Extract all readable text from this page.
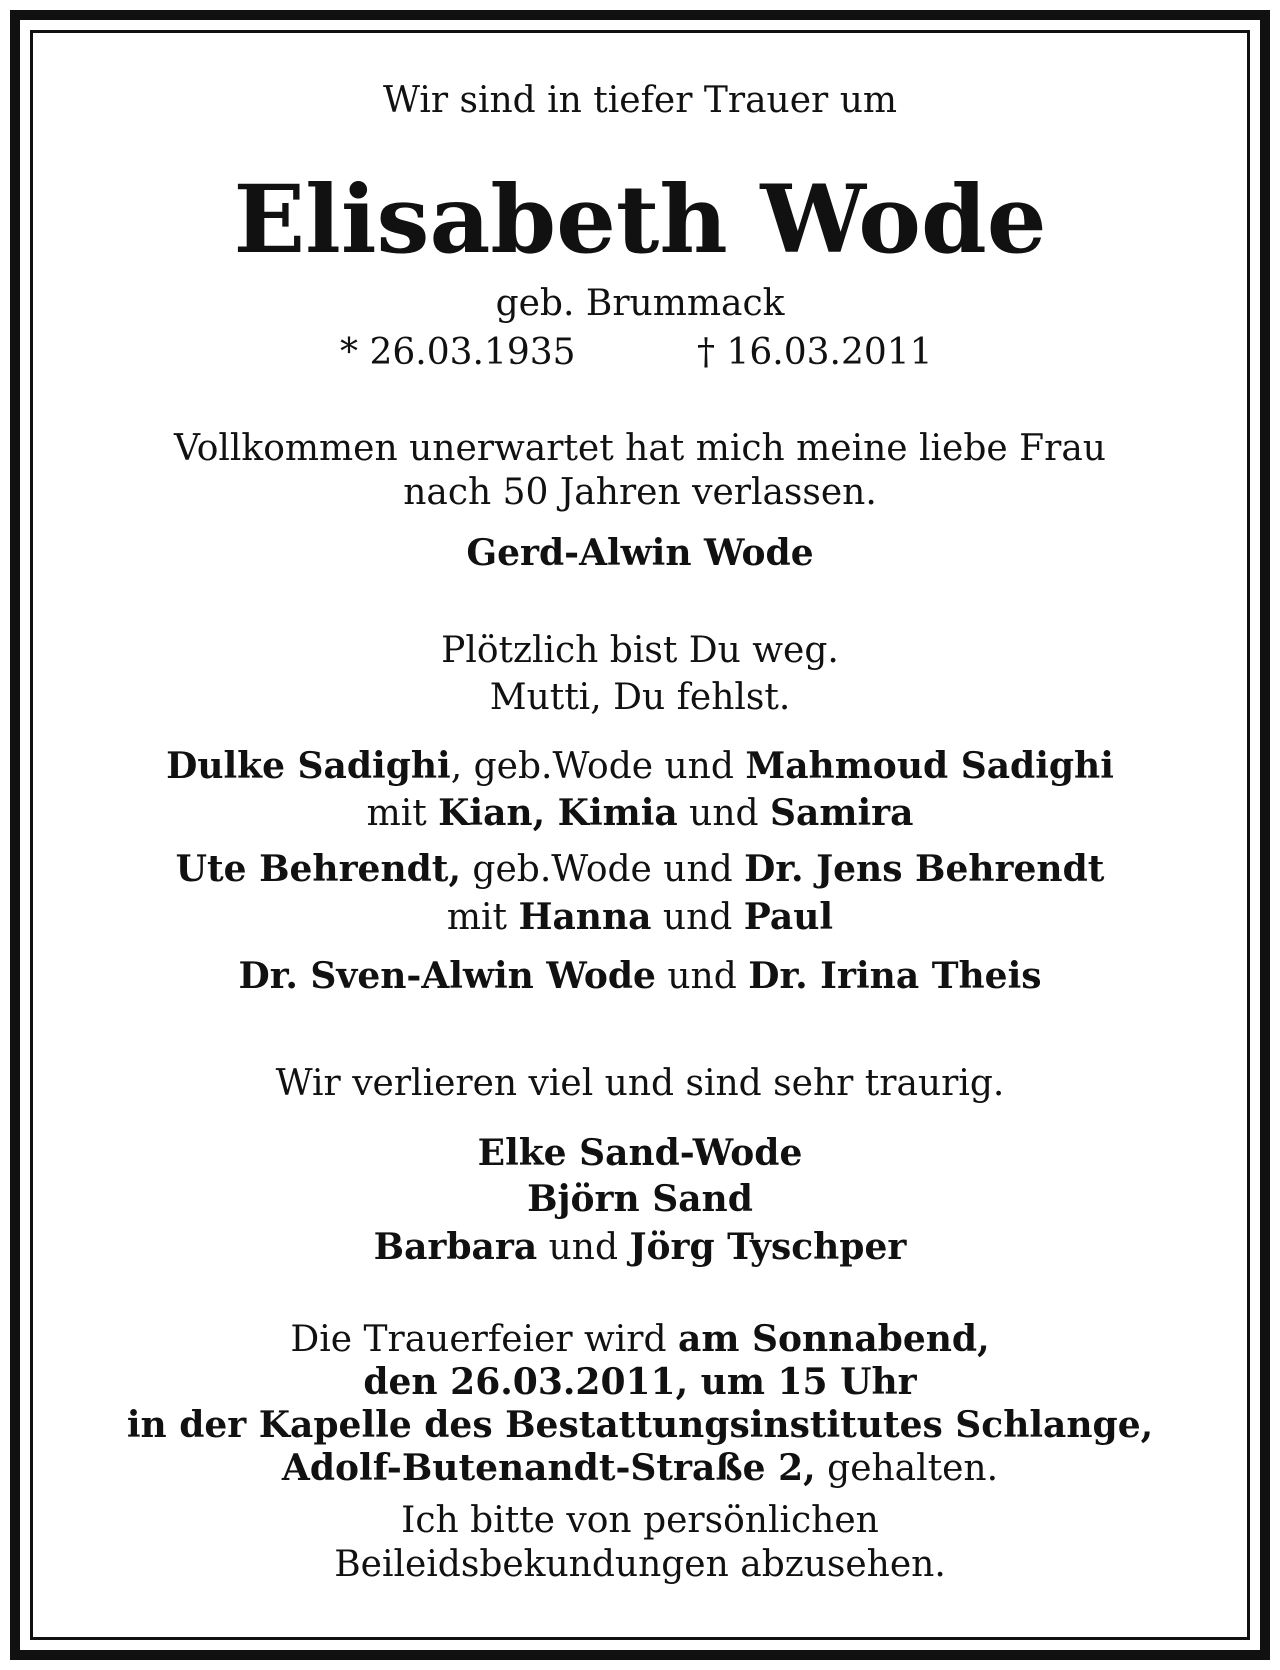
Wir sind in tiefer Trauer um
Elisabeth Wode
geb. Brummack
* 26.03.1935	† 16.03.2011
Vollkommen unerwartet hat mich meine liebe Frau
nach 50 Jahren verlassen.
Gerd-Alwin Wode
Plötzlich bist Du weg.
Mutti, Du fehlst.
Dulke Sadighi, geb.Wode und Mahmoud Sadighi
mit Kian, Kimia und Samira
Ute Behrendt, geb.Wode und Dr. Jens Behrendt
mit Hanna und Paul
Dr. Sven-Alwin Wode und Dr. Irina Theis
Wir verlieren viel und sind sehr traurig.
Elke Sand-Wode
Björn Sand
Barbara und Jörg Tyschper
Die Trauerfeier wird am Sonnabend,
den 26.03.2011, um 15 Uhr
in der Kapelle des Bestattungsinstitutes Schlange,
Adolf-Butenandt-Straße 2, gehalten.
Ich bitte von persönlichen
Beileidsbekundungen abzusehen.
